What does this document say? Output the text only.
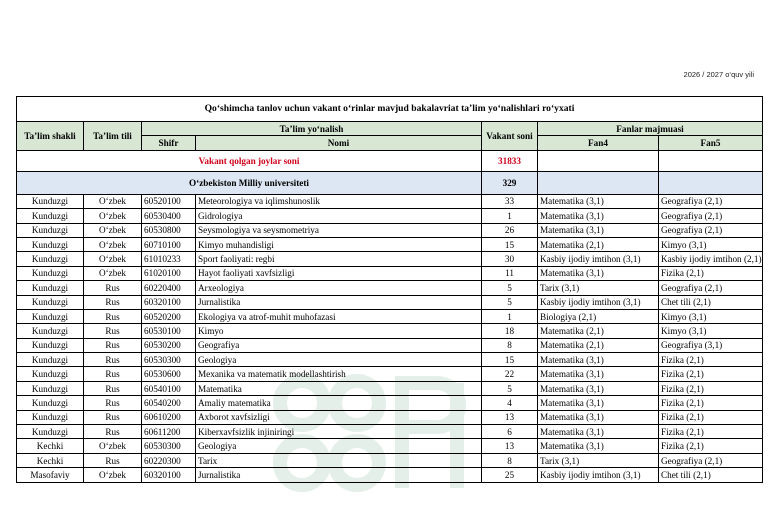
2026 / 2027 o‘quv yili
Qo‘shimcha tanlov uchun vakant o‘rinlar mavjud bakalavriat ta’lim yo‘nalishlari ro‘yxati						
Ta’lim shakli	Ta’lim tili	Ta’lim yo‘nalish		Vakant soni	Fanlar majmuasi	
		Shifr	Nomi		Fan4	Fan5
Vakant qolgan joylar soni				31833		
O‘zbekiston Milliy universiteti				329		
Kunduzgi	O‘zbek	60520100	Meteorologiya va iqlimshunoslik	33	Matematika (3,1)	Geografiya (2,1)
Kunduzgi	O‘zbek	60530400	Gidrologiya	1	Matematika (3,1)	Geografiya (2,1)
Kunduzgi	O‘zbek	60530800	Seysmologiya va seysmometriya	26	Matematika (3,1)	Geografiya (2,1)
Kunduzgi	O‘zbek	60710100	Kimyo muhandisligi	15	Matematika (2,1)	Kimyo (3,1)
Kunduzgi	O‘zbek	61010233	Sport faoliyati: regbi	30	Kasbiy ijodiy imtihon (3,1)	Kasbiy ijodiy imtihon (2,1)
Kunduzgi	O‘zbek	61020100	Hayot faoliyati xavfsizligi	11	Matematika (3,1)	Fizika (2,1)
Kunduzgi	Rus	60220400	Arxeologiya	5	Tarix (3,1)	Geografiya (2,1)
Kunduzgi	Rus	60320100	Jurnalistika	5	Kasbiy ijodiy imtihon (3,1)	Chet tili (2,1)
Kunduzgi	Rus	60520200	Ekologiya va atrof-muhit muhofazasi	1	Biologiya (2,1)	Kimyo (3,1)
Kunduzgi	Rus	60530100	Kimyo	18	Matematika (2,1)	Kimyo (3,1)
Kunduzgi	Rus	60530200	Geografiya	8	Matematika (2,1)	Geografiya (3,1)
Kunduzgi	Rus	60530300	Geologiya	15	Matematika (3,1)	Fizika (2,1)
Kunduzgi	Rus	60530600	Mexanika va matematik modellashtirish	22	Matematika (3,1)	Fizika (2,1)
Kunduzgi	Rus	60540100	Matematika	5	Matematika (3,1)	Fizika (2,1)
Kunduzgi	Rus	60540200	Amaliy matematika	4	Matematika (3,1)	Fizika (2,1)
Kunduzgi	Rus	60610200	Axborot xavfsizligi	13	Matematika (3,1)	Fizika (2,1)
Kunduzgi	Rus	60611200	Kiberxavfsizlik injiniringi	6	Matematika (3,1)	Fizika (2,1)
Kechki	O‘zbek	60530300	Geologiya	13	Matematika (3,1)	Fizika (2,1)
Kechki	Rus	60220300	Tarix	8	Tarix (3,1)	Geografiya (2,1)
Masofaviy	O‘zbek	60320100	Jurnalistika	25	Kasbiy ijodiy imtihon (3,1)	Chet tili (2,1)
